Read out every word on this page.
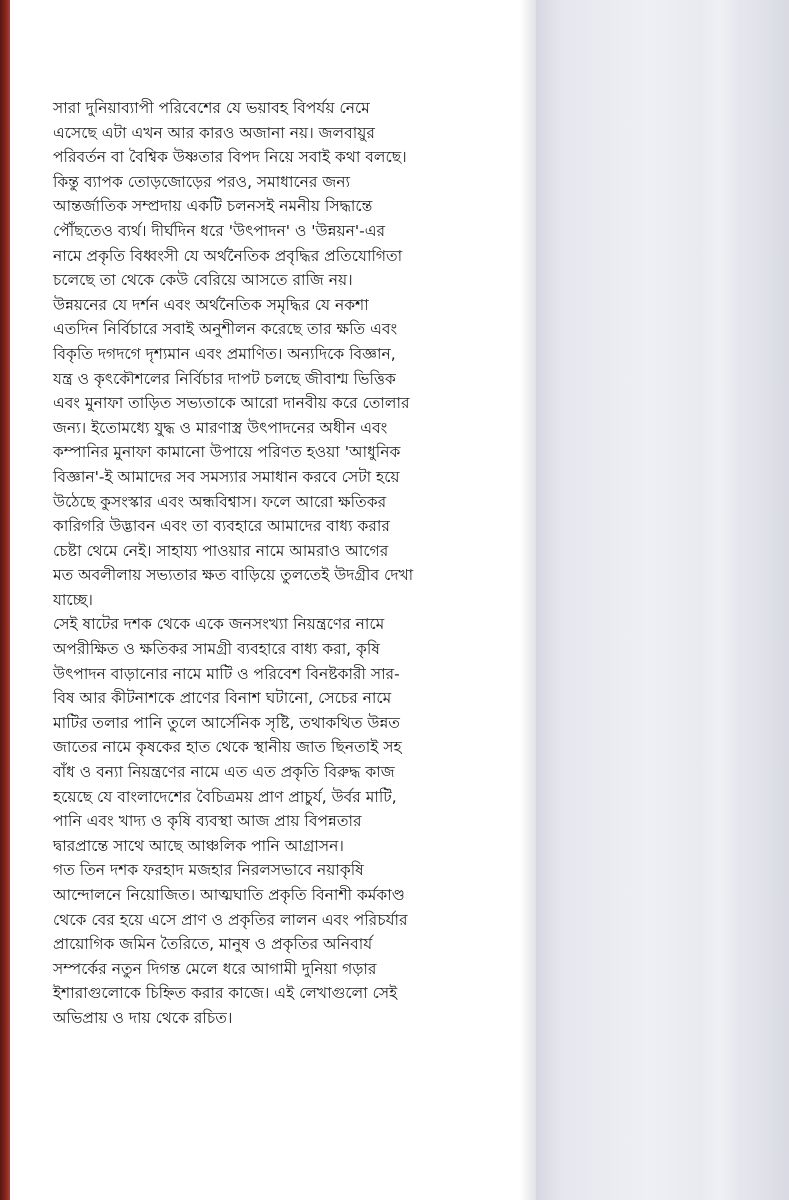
সারা দুনিয়াব্যাপী পরিবেশের যে ভয়াবহ বিপর্যয় নেমে
এসেছে এটা এখন আর কারও অজানা নয়। জলবায়ুর
পরিবর্তন বা বৈশ্বিক উষ্ণতার বিপদ নিয়ে সবাই কথা বলছে।
কিন্তু ব্যাপক তোড়জোড়ের পরও, সমাধানের জন্য
আন্তর্জাতিক সম্প্রদায় একটি চলনসই নমনীয় সিদ্ধান্তে
পৌঁছতেও ব্যর্থ। দীর্ঘদিন ধরে 'উৎপাদন' ও 'উন্নয়ন'-এর
নামে প্রকৃতি বিধ্বংসী যে অর্থনৈতিক প্রবৃদ্ধির প্রতিযোগিতা
চলেছে তা থেকে কেউ বেরিয়ে আসতে রাজি নয়।
উন্নয়নের যে দর্শন এবং অর্থনৈতিক সমৃদ্ধির যে নকশা
এতদিন নির্বিচারে সবাই অনুশীলন করেছে তার ক্ষতি এবং
বিকৃতি দগদগে দৃশ্যমান এবং প্রমাণিত। অন্যদিকে বিজ্ঞান,
যন্ত্র ও কৃৎকৌশলের নির্বিচার দাপট চলছে জীবাশ্ম ভিত্তিক
এবং মুনাফা তাড়িত সভ্যতাকে আরো দানবীয় করে তোলার
জন্য। ইতোমধ্যে যুদ্ধ ও মারণাস্ত্র উৎপাদনের অধীন এবং
কম্পানির মুনাফা কামানো উপায়ে পরিণত হওয়া 'আধুনিক
বিজ্ঞান'-ই আমাদের সব সমস্যার সমাধান করবে সেটা হয়ে
উঠেছে কুসংস্কার এবং অন্ধবিশ্বাস। ফলে আরো ক্ষতিকর
কারিগরি উদ্ভাবন এবং তা ব্যবহারে আমাদের বাধ্য করার
চেষ্টা থেমে নেই। সাহায্য পাওয়ার নামে আমরাও আগের
মত অবলীলায় সভ্যতার ক্ষত বাড়িয়ে তুলতেই উদগ্রীব দেখা
যাচ্ছে।

সেই ষাটের দশক থেকে একে জনসংখ্যা নিয়ন্ত্রণের নামে
অপরীক্ষিত ও ক্ষতিকর সামগ্রী ব্যবহারে বাধ্য করা, কৃষি
উৎপাদন বাড়ানোর নামে মাটি ও পরিবেশ বিনষ্টকারী সার-
বিষ আর কীটনাশকে প্রাণের বিনাশ ঘটানো, সেচের নামে
মাটির তলার পানি তুলে আর্সেনিক সৃষ্টি, তথাকথিত উন্নত
জাতের নামে কৃষকের হাত থেকে স্থানীয় জাত ছিনতাই সহ
বাঁধ ও বন্যা নিয়ন্ত্রণের নামে এত এত প্রকৃতি বিরুদ্ধ কাজ
হয়েছে যে বাংলাদেশের বৈচিত্রময় প্রাণ প্রাচুর্য, উর্বর মাটি,
পানি এবং খাদ্য ও কৃষি ব্যবস্থা আজ প্রায় বিপন্নতার
দ্বারপ্রান্তে সাথে আছে আঞ্চলিক পানি আগ্রাসন।

গত তিন দশক ফরহাদ মজহার নিরলসভাবে নয়াকৃষি
আন্দোলনে নিয়োজিত। আত্মঘাতি প্রকৃতি বিনাশী কর্মকাণ্ড
থেকে বের হয়ে এসে প্রাণ ও প্রকৃতির লালন এবং পরিচর্যার
প্রায়োগিক জমিন তৈরিতে, মানুষ ও প্রকৃতির অনিবার্য
সম্পর্কের নতুন দিগন্ত মেলে ধরে আগামী দুনিয়া গড়ার
ইশারাগুলোকে চিহ্নিত করার কাজে। এই লেখাগুলো সেই
অভিপ্রায় ও দায় থেকে রচিত।
